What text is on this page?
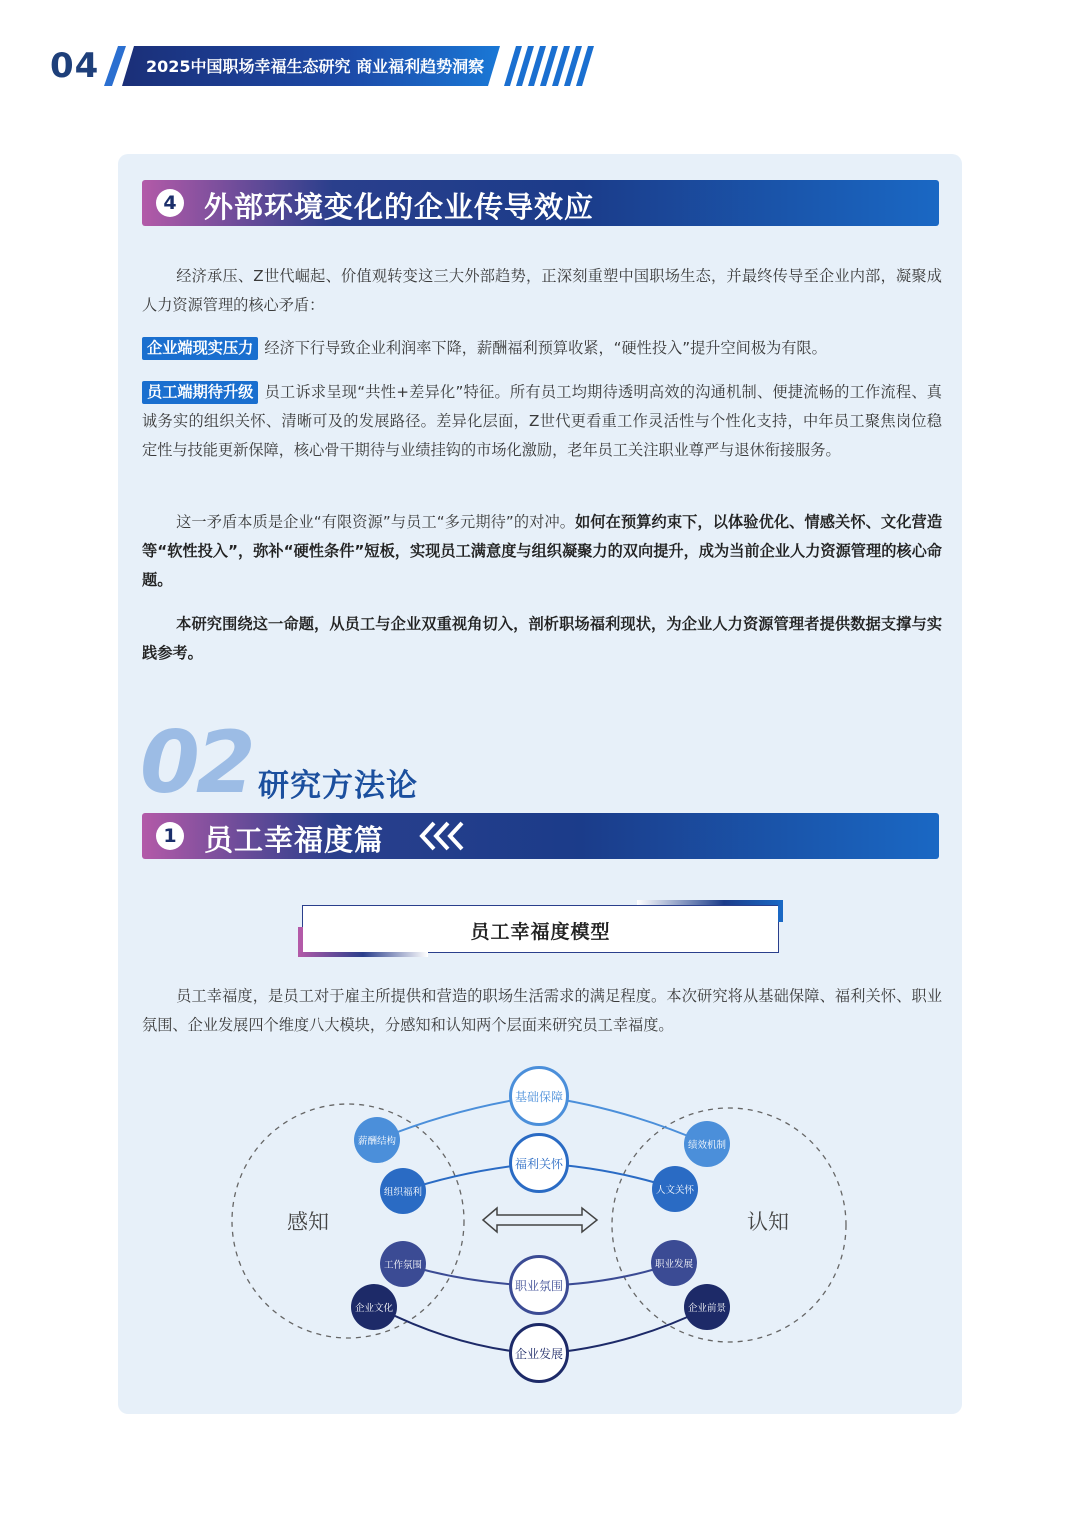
04	2025中国职场幸福生态研究 商业福利趋势洞察
4 外部环境变化的企业传导效应

经济承压、Z世代崛起、价值观转变这三大外部趋势，正深刻重塑中国职场生态，并最终传导至企业内部，凝聚成人力资源管理的核心矛盾：

企业端现实压力 经济下行导致企业利润率下降，薪酬福利预算收紧，“硬性投入”提升空间极为有限。

员工端期待升级 员工诉求呈现“共性+差异化”特征。所有员工均期待透明高效的沟通机制、便捷流畅的工作流程、真诚务实的组织关怀、清晰可及的发展路径。差异化层面，Z世代更看重工作灵活性与个性化支持，中年员工聚焦岗位稳定性与技能更新保障，核心骨干期待与业绩挂钩的市场化激励，老年员工关注职业尊严与退休衔接服务。

这一矛盾本质是企业“有限资源”与员工“多元期待”的对冲。如何在预算约束下，以体验优化、情感关怀、文化营造等“软性投入”，弥补“硬性条件”短板，实现员工满意度与组织凝聚力的双向提升，成为当前企业人力资源管理的核心命题。

本研究围绕这一命题，从员工与企业双重视角切入，剖析职场福利现状，为企业人力资源管理者提供数据支撑与实践参考。

02 研究方法论
1 员工幸福度篇
员工幸福度模型

员工幸福度，是员工对于雇主所提供和营造的职场生活需求的满足程度。本次研究将从基础保障、福利关怀、职业氛围、企业发展四个维度八大模块，分感知和认知两个层面来研究员工幸福度。

感知	认知
基础保障
福利关怀
职业氛围
企业发展
薪酬结构
组织福利
工作氛围
企业文化
绩效机制
人文关怀
职业发展
企业前景
